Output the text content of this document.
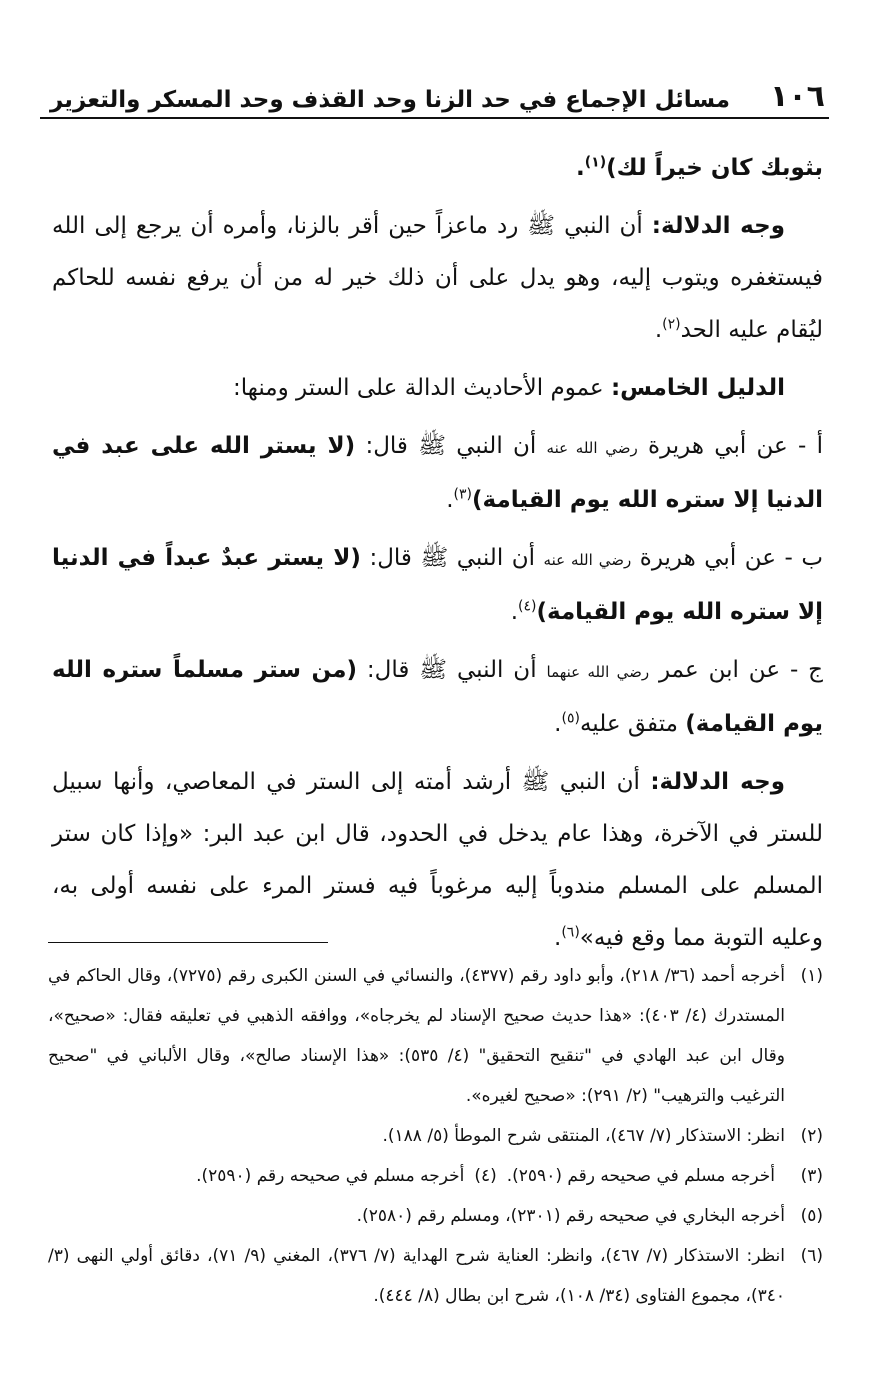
١٠٦
مسائل الإجماع في حد الزنا وحد القذف وحد المسكر والتعزير

بثوبك كان خيراً لك)$^{(١)}$.

وجه الدلالة: أن النبي ﷺ رد ماعزاً حين أقر بالزنا، وأمره أن يرجع إلى الله فيستغفره ويتوب إليه، وهو يدل على أن ذلك خير له من أن يرفع نفسه للحاكم ليُقام عليه الحد$^{(٢)}$.

الدليل الخامس: عموم الأحاديث الدالة على الستر ومنها:

أ - عن أبي هريرة رضي الله عنه أن النبي ﷺ قال: (لا يستر الله على عبد في الدنيا إلا ستره الله يوم القيامة)$^{(٣)}$.

ب - عن أبي هريرة رضي الله عنه أن النبي ﷺ قال: (لا يستر عبدٌ عبداً في الدنيا إلا ستره الله يوم القيامة)$^{(٤)}$.

ج - عن ابن عمر رضي الله عنهما أن النبي ﷺ قال: (من ستر مسلماً ستره الله يوم القيامة) متفق عليه$^{(٥)}$.

وجه الدلالة: أن النبي ﷺ أرشد أمته إلى الستر في المعاصي، وأنها سبيل للستر في الآخرة، وهذا عام يدخل في الحدود، قال ابن عبد البر: «وإذا كان ستر المسلم على المسلم مندوباً إليه مرغوباً فيه فستر المرء على نفسه أولى به، وعليه التوبة مما وقع فيه»$^{(٦)}$.

(١)
أخرجه أحمد (٣٦/ ٢١٨)، وأبو داود رقم (٤٣٧٧)، والنسائي في السنن الكبرى رقم (٧٢٧٥)، وقال الحاكم في المستدرك (٤/ ٤٠٣): «هذا حديث صحيح الإسناد لم يخرجاه»، ووافقه الذهبي في تعليقه فقال: «صحيح»، وقال ابن عبد الهادي في "تنقيح التحقيق" (٤/ ٥٣٥): «هذا الإسناد صالح»، وقال الألباني في "صحيح الترغيب والترهيب" (٢/ ٢٩١): «صحيح لغيره».
(٢)
انظر: الاستذكار (٧/ ٤٦٧)، المنتقى شرح الموطأ (٥/ ١٨٨).
(٣)
أخرجه مسلم في صحيحه رقم (٢٥٩٠).
(٤)
أخرجه مسلم في صحيحه رقم (٢٥٩٠).
(٥)
أخرجه البخاري في صحيحه رقم (٢٣٠١)، ومسلم رقم (٢٥٨٠).
(٦)
انظر: الاستذكار (٧/ ٤٦٧)، وانظر: العناية شرح الهداية (٧/ ٣٧٦)، المغني (٩/ ٧١)، دقائق أولي النهى (٣/ ٣٤٠)، مجموع الفتاوى (٣٤/ ١٠٨)، شرح ابن بطال (٨/ ٤٤٤).
